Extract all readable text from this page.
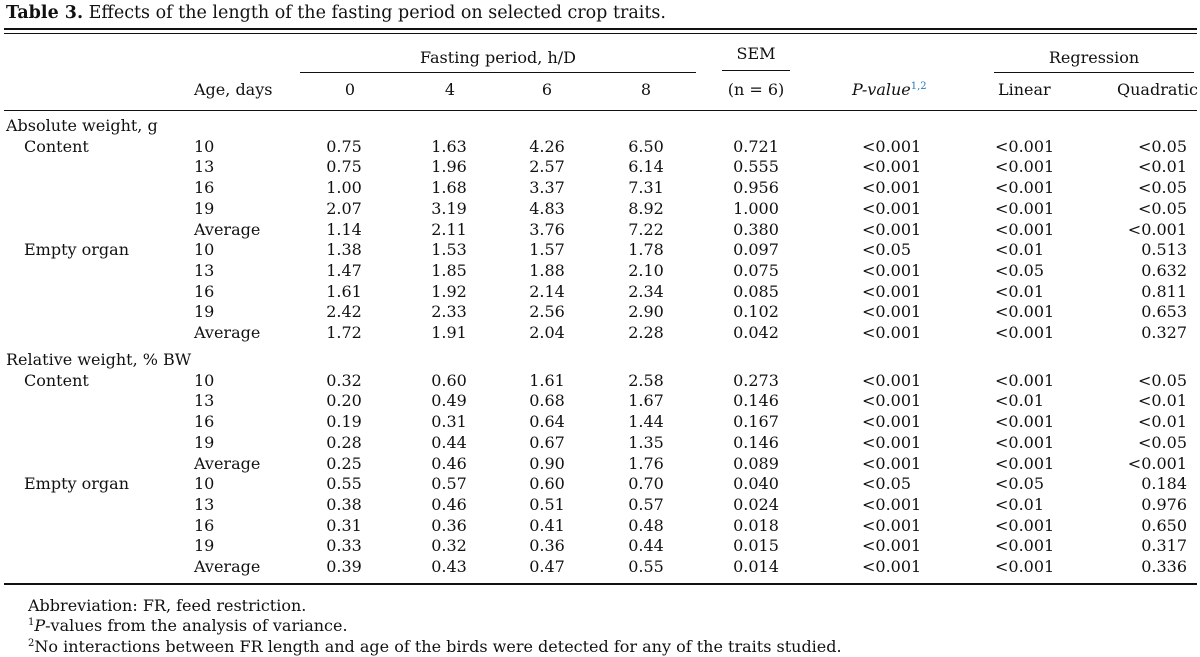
Table 3. Effects of the length of the fasting period on selected crop traits.
Fasting period, h/D	SEM	Regression
Age, days	0	4	6	8	(n = 6)	P-value$^{1,2}$	Linear	Quadratic
Absolute weight, g
Content	10	0.75	1.63	4.26	6.50	0.721	<0.001	<0.001	<0.05
13	0.75	1.96	2.57	6.14	0.555	<0.001	<0.001	<0.01
16	1.00	1.68	3.37	7.31	0.956	<0.001	<0.001	<0.05
19	2.07	3.19	4.83	8.92	1.000	<0.001	<0.001	<0.05
Average	1.14	2.11	3.76	7.22	0.380	<0.001	<0.001	<0.001
Empty organ	10	1.38	1.53	1.57	1.78	0.097	<0.05	<0.01	0.513
13	1.47	1.85	1.88	2.10	0.075	<0.001	<0.05	0.632
16	1.61	1.92	2.14	2.34	0.085	<0.001	<0.01	0.811
19	2.42	2.33	2.56	2.90	0.102	<0.001	<0.001	0.653
Average	1.72	1.91	2.04	2.28	0.042	<0.001	<0.001	0.327
Relative weight, % BW
Content	10	0.32	0.60	1.61	2.58	0.273	<0.001	<0.001	<0.05
13	0.20	0.49	0.68	1.67	0.146	<0.001	<0.01	<0.01
16	0.19	0.31	0.64	1.44	0.167	<0.001	<0.001	<0.01
19	0.28	0.44	0.67	1.35	0.146	<0.001	<0.001	<0.05
Average	0.25	0.46	0.90	1.76	0.089	<0.001	<0.001	<0.001
Empty organ	10	0.55	0.57	0.60	0.70	0.040	<0.05	<0.05	0.184
13	0.38	0.46	0.51	0.57	0.024	<0.001	<0.01	0.976
16	0.31	0.36	0.41	0.48	0.018	<0.001	<0.001	0.650
19	0.33	0.32	0.36	0.44	0.015	<0.001	<0.001	0.317
Average	0.39	0.43	0.47	0.55	0.014	<0.001	<0.001	0.336
Abbreviation: FR, feed restriction.
$^1$P-values from the analysis of variance.
$^2$No interactions between FR length and age of the birds were detected for any of the traits studied.
